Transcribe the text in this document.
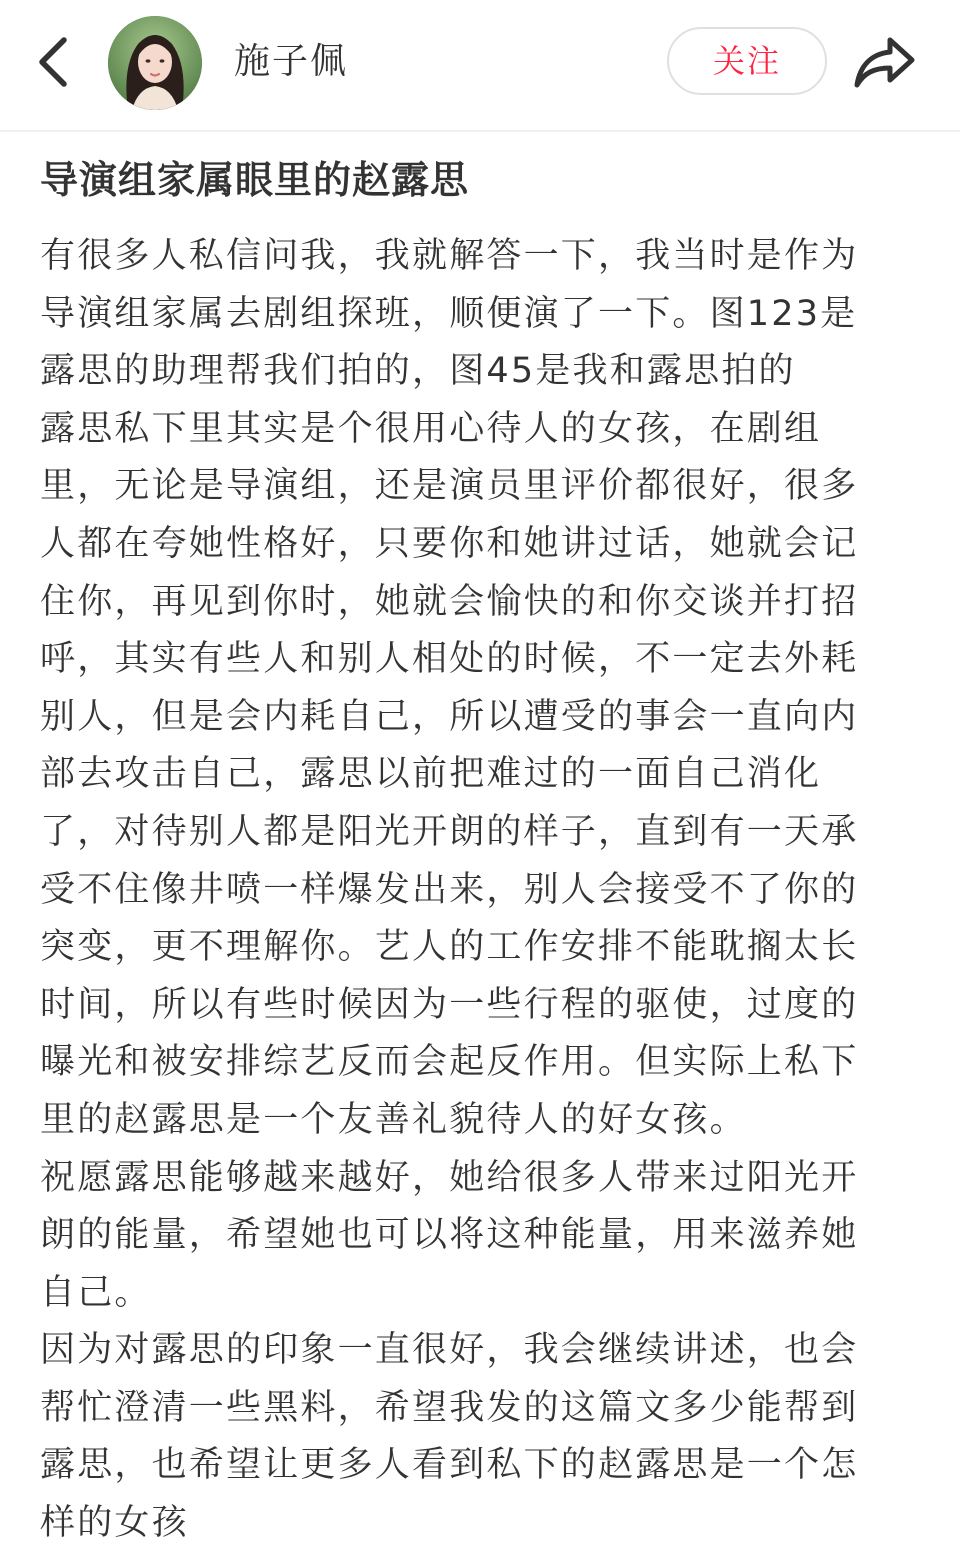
施子佩	关注
导演组家属眼里的赵露思
有很多人私信问我，我就解答一下，我当时是作为
导演组家属去剧组探班，顺便演了一下。图123是
露思的助理帮我们拍的，图45是我和露思拍的
露思私下里其实是个很用心待人的女孩，在剧组
里，无论是导演组，还是演员里评价都很好，很多
人都在夸她性格好，只要你和她讲过话，她就会记
住你，再见到你时，她就会愉快的和你交谈并打招
呼，其实有些人和别人相处的时候，不一定去外耗
别人，但是会内耗自己，所以遭受的事会一直向内
部去攻击自己，露思以前把难过的一面自己消化
了，对待别人都是阳光开朗的样子，直到有一天承
受不住像井喷一样爆发出来，别人会接受不了你的
突变，更不理解你。艺人的工作安排不能耽搁太长
时间，所以有些时候因为一些行程的驱使，过度的
曝光和被安排综艺反而会起反作用。但实际上私下
里的赵露思是一个友善礼貌待人的好女孩。
祝愿露思能够越来越好，她给很多人带来过阳光开
朗的能量，希望她也可以将这种能量，用来滋养她
自己。
因为对露思的印象一直很好，我会继续讲述，也会
帮忙澄清一些黑料，希望我发的这篇文多少能帮到
露思，也希望让更多人看到私下的赵露思是一个怎
样的女孩
